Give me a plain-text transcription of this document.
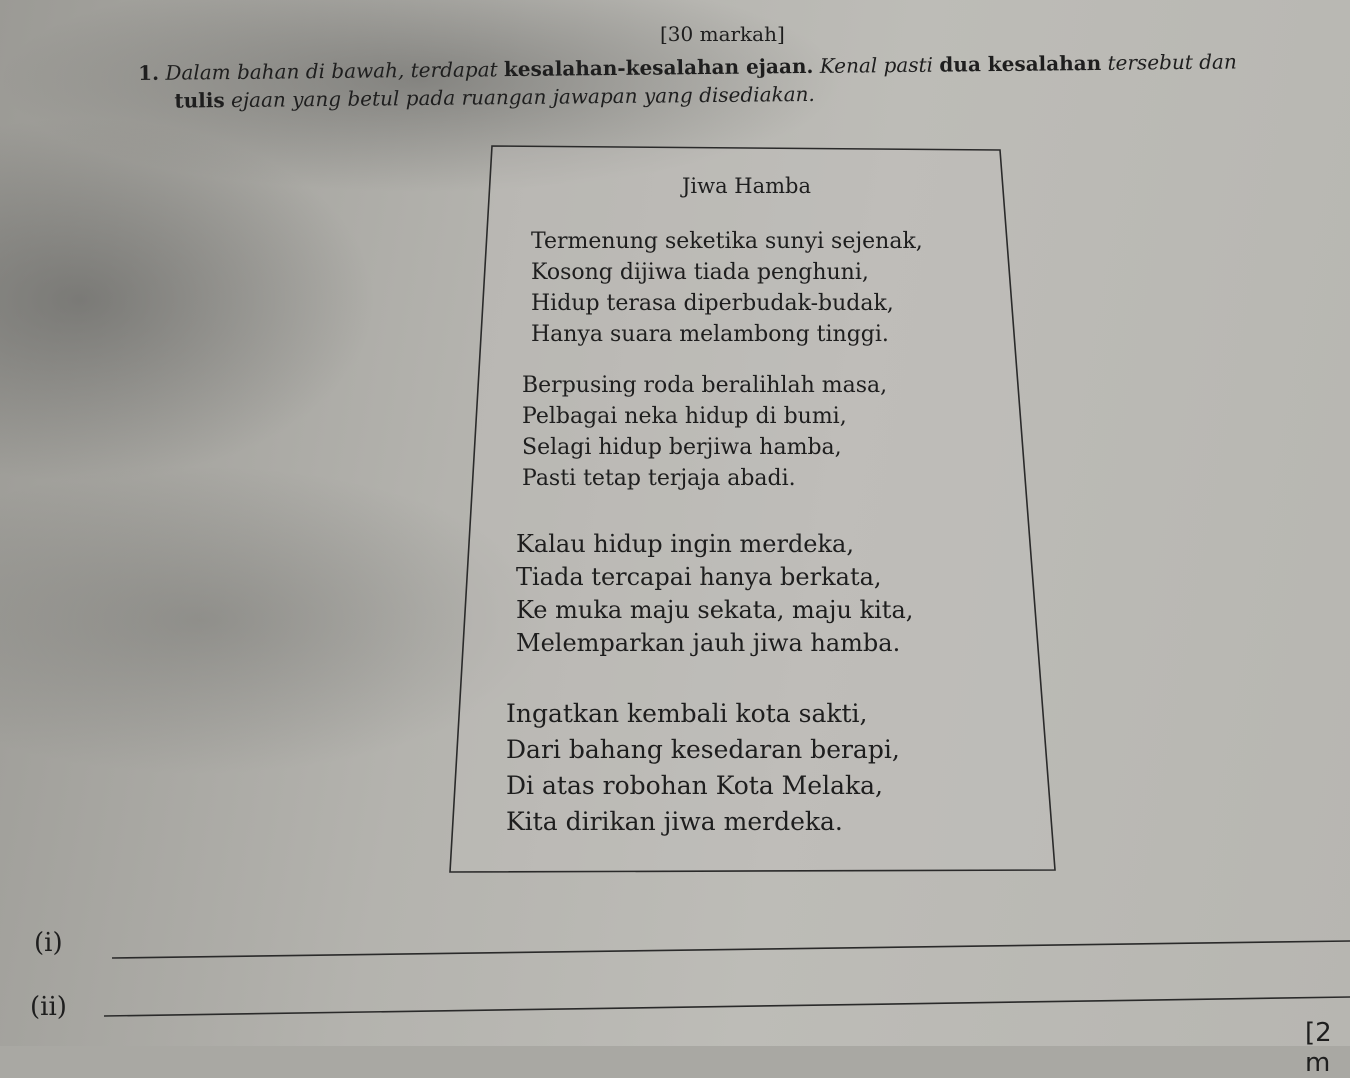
[30 markah]
1. Dalam bahan di bawah, terdapat kesalahan-kesalahan ejaan. Kenal pasti dua kesalahan tersebut dan
tulis ejaan yang betul pada ruangan jawapan yang disediakan.
Jiwa Hamba
Termenung seketika sunyi sejenak,
Kosong dijiwa tiada penghuni,
Hidup terasa diperbudak-budak,
Hanya suara melambong tinggi.
Berpusing roda beralihlah masa,
Pelbagai neka hidup di bumi,
Selagi hidup berjiwa hamba,
Pasti tetap terjaja abadi.
Kalau hidup ingin merdeka,
Tiada tercapai hanya berkata,
Ke muka maju sekata, maju kita,
Melemparkan jauh jiwa hamba.
Ingatkan kembali kota sakti,
Dari bahang kesedaran berapi,
Di atas robohan Kota Melaka,
Kita dirikan jiwa merdeka.
(i)
(ii)
[2 m
